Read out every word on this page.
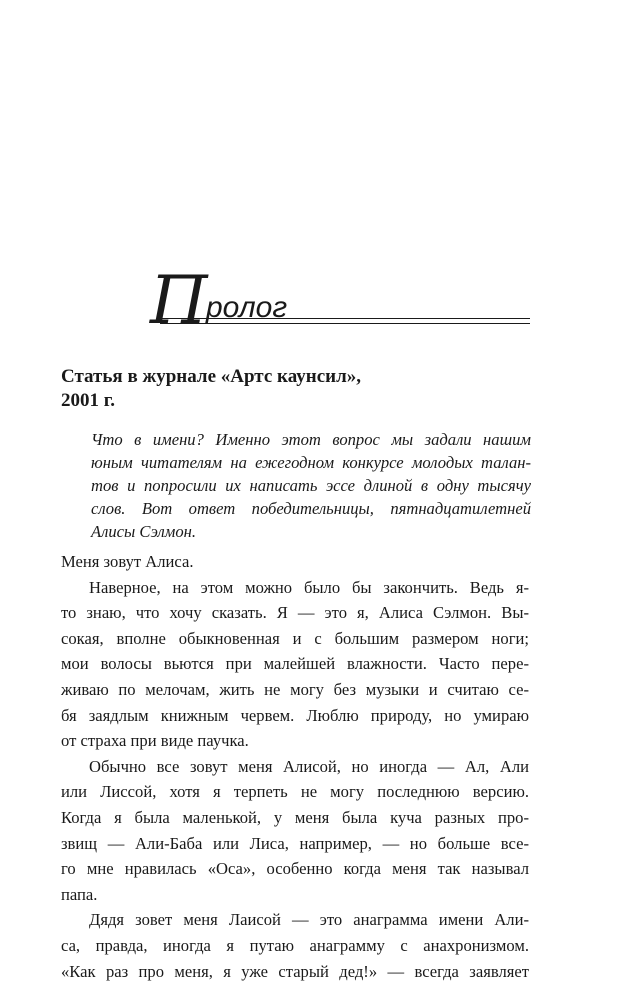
П ролог
Статья в журнале «Артс каунсил»,
2001 г.

Что в имени? Именно этот вопрос мы задали нашим
юным читателям на ежегодном конкурсе молодых талан-
тов и попросили их написать эссе длиной в одну тысячу
слов. Вот ответ победительницы, пятнадцатилетней
Алисы Сэлмон.

Меня зовут Алиса.
Наверное, на этом можно было бы закончить. Ведь я-
то знаю, что хочу сказать. Я — это я, Алиса Сэлмон. Вы-
сокая, вполне обыкновенная и с большим размером ноги;
мои волосы вьются при малейшей влажности. Часто пере-
живаю по мелочам, жить не могу без музыки и считаю се-
бя заядлым книжным червем. Люблю природу, но умираю
от страха при виде паучка.
Обычно все зовут меня Алисой, но иногда — Ал, Али
или Лиссой, хотя я терпеть не могу последнюю версию.
Когда я была маленькой, у меня была куча разных про-
звищ — Али-Баба или Лиса, например, — но больше все-
го мне нравилась «Оса», особенно когда меня так называл
папа.
Дядя зовет меня Лаисой — это анаграмма имени Али-
са, правда, иногда я путаю анаграмму с анахронизмом.
«Как раз про меня, я уже старый дед!» — всегда заявляет
